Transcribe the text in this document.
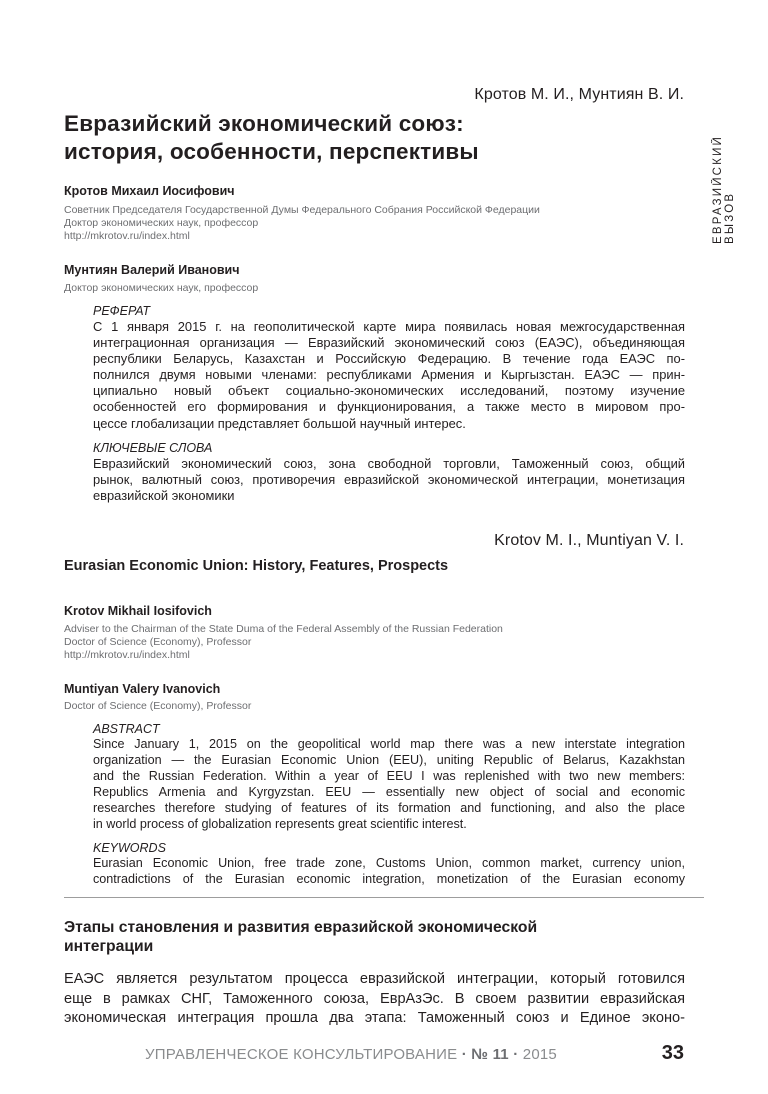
ЕВРАЗИЙСКИЙ ВЫЗОВ
Кротов М. И., Мунтиян В. И.
Евразийский экономический союз:
история, особенности, перспективы
Кротов Михаил Иосифович
Советник Председателя Государственной Думы Федерального Собрания Российской Федерации
Доктор экономических наук, профессор
http://mkrotov.ru/index.html
Мунтиян Валерий Иванович
Доктор экономических наук, профессор
РЕФЕРАТ
С 1 января 2015 г. на геополитической карте мира появилась новая межгосударственная
интеграционная организация — Евразийский экономический союз (ЕАЭС), объединяющая
республики Беларусь, Казахстан и Российскую Федерацию. В течение года ЕАЭС по-
полнился двумя новыми членами: республиками Армения и Кыргызстан. ЕАЭС — прин-
ципиально новый объект социально-экономических исследований, поэтому изучение
особенностей его формирования и функционирования, а также место в мировом про-
цессе глобализации представляет большой научный интерес.
КЛЮЧЕВЫЕ СЛОВА
Евразийский экономический союз, зона свободной торговли, Таможенный союз, общий
рынок, валютный союз, противоречия евразийской экономической интеграции, монетизация
евразийской экономики
Krotov M. I., Muntiyan V. I.
Eurasian Economic Union: History, Features, Prospects
Krotov Mikhail Iosifovich
Adviser to the Chairman of the State Duma of the Federal Assembly of the Russian Federation
Doctor of Science (Economy), Professor
http://mkrotov.ru/index.html
Muntiyan Valery Ivanovich
Doctor of Science (Economy), Professor
ABSTRACT
Since January 1, 2015 on the geopolitical world map there was a new interstate integration
organization — the Eurasian Economic Union (EEU), uniting Republic of Belarus, Kazakhstan
and the Russian Federation. Within a year of EEU I was replenished with two new members:
Republics Armenia and Kyrgyzstan. EEU — essentially new object of social and economic
researches therefore studying of features of its formation and functioning, and also the place
in world process of globalization represents great scientific interest.
KEYWORDS
Eurasian Economic Union, free trade zone, Customs Union, common market, currency union,
contradictions of the Eurasian economic integration, monetization of the Eurasian economy
Этапы становления и развития евразийской экономической
интеграции
ЕАЭС является результатом процесса евразийской интеграции, который готовился
еще в рамках СНГ, Таможенного союза, ЕврАзЭс. В своем развитии евразийская
экономическая интеграция прошла два этапа: Таможенный союз и Единое эконо-
УПРАВЛЕНЧЕСКОЕ КОНСУЛЬТИРОВАНИЕ · № 11 · 2015	33
